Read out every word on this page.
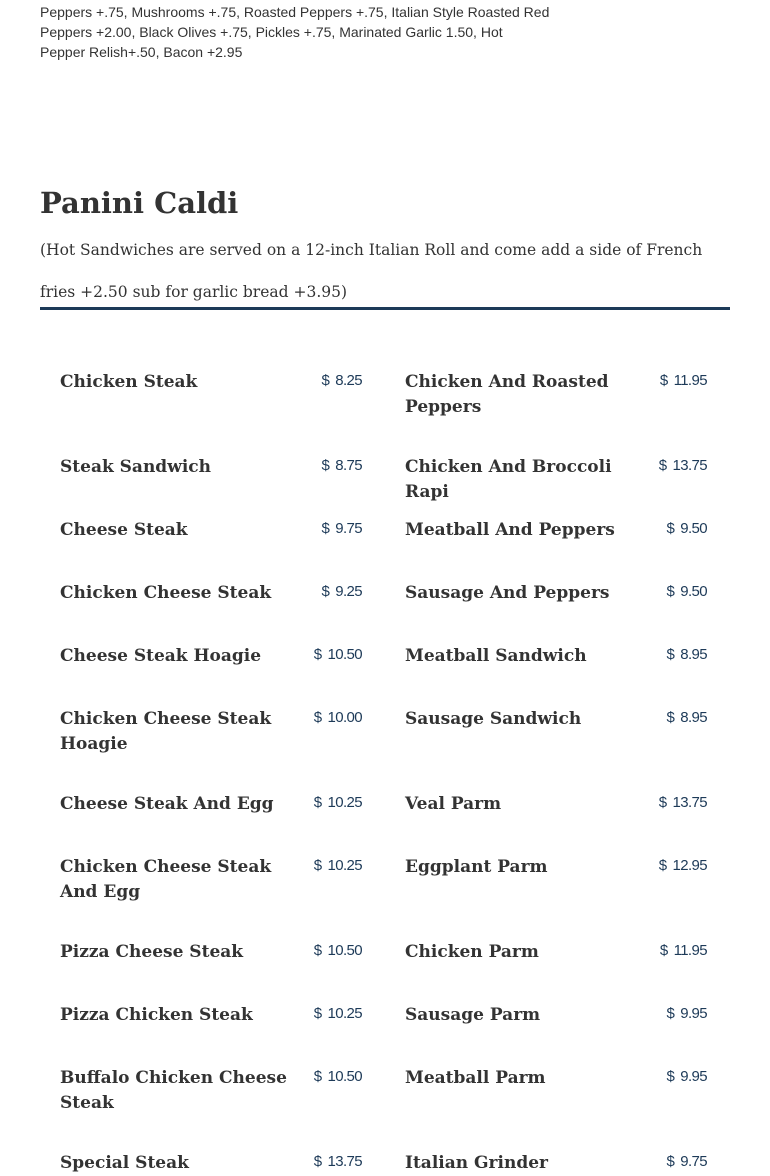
Peppers +.75, Mushrooms +.75, Roasted Peppers +.75, Italian Style Roasted Red Peppers +2.00, Black Olives +.75, Pickles +.75, Marinated Garlic 1.50, Hot Pepper Relish+.50, Bacon +2.95

Panini Caldi

(Hot Sandwiches are served on a 12-inch Italian Roll and come add a side of French fries +2.50 sub for garlic bread +3.95)

Chicken Steak	$ 8.25
Steak Sandwich	$ 8.75
Cheese Steak	$ 9.75
Chicken Cheese Steak	$ 9.25
Cheese Steak Hoagie	$ 10.50
Chicken Cheese Steak Hoagie
$ 10.00
Cheese Steak And Egg	$ 10.25
Chicken Cheese Steak And Egg
$ 10.25
Pizza Cheese Steak	$ 10.50
Pizza Chicken Steak	$ 10.25
Buffalo Chicken Cheese Steak
$ 10.50
Special Steak	$ 13.75
Chicken And Roasted Peppers
$ 11.95
Chicken And Broccoli Rapi
$ 13.75
Meatball And Peppers	$ 9.50
Sausage And Peppers	$ 9.50
Meatball Sandwich	$ 8.95
Sausage Sandwich	$ 8.95
Veal Parm	$ 13.75
Eggplant Parm	$ 12.95
Chicken Parm	$ 11.95
Sausage Parm	$ 9.95
Meatball Parm	$ 9.95
Italian Grinder	$ 9.75
